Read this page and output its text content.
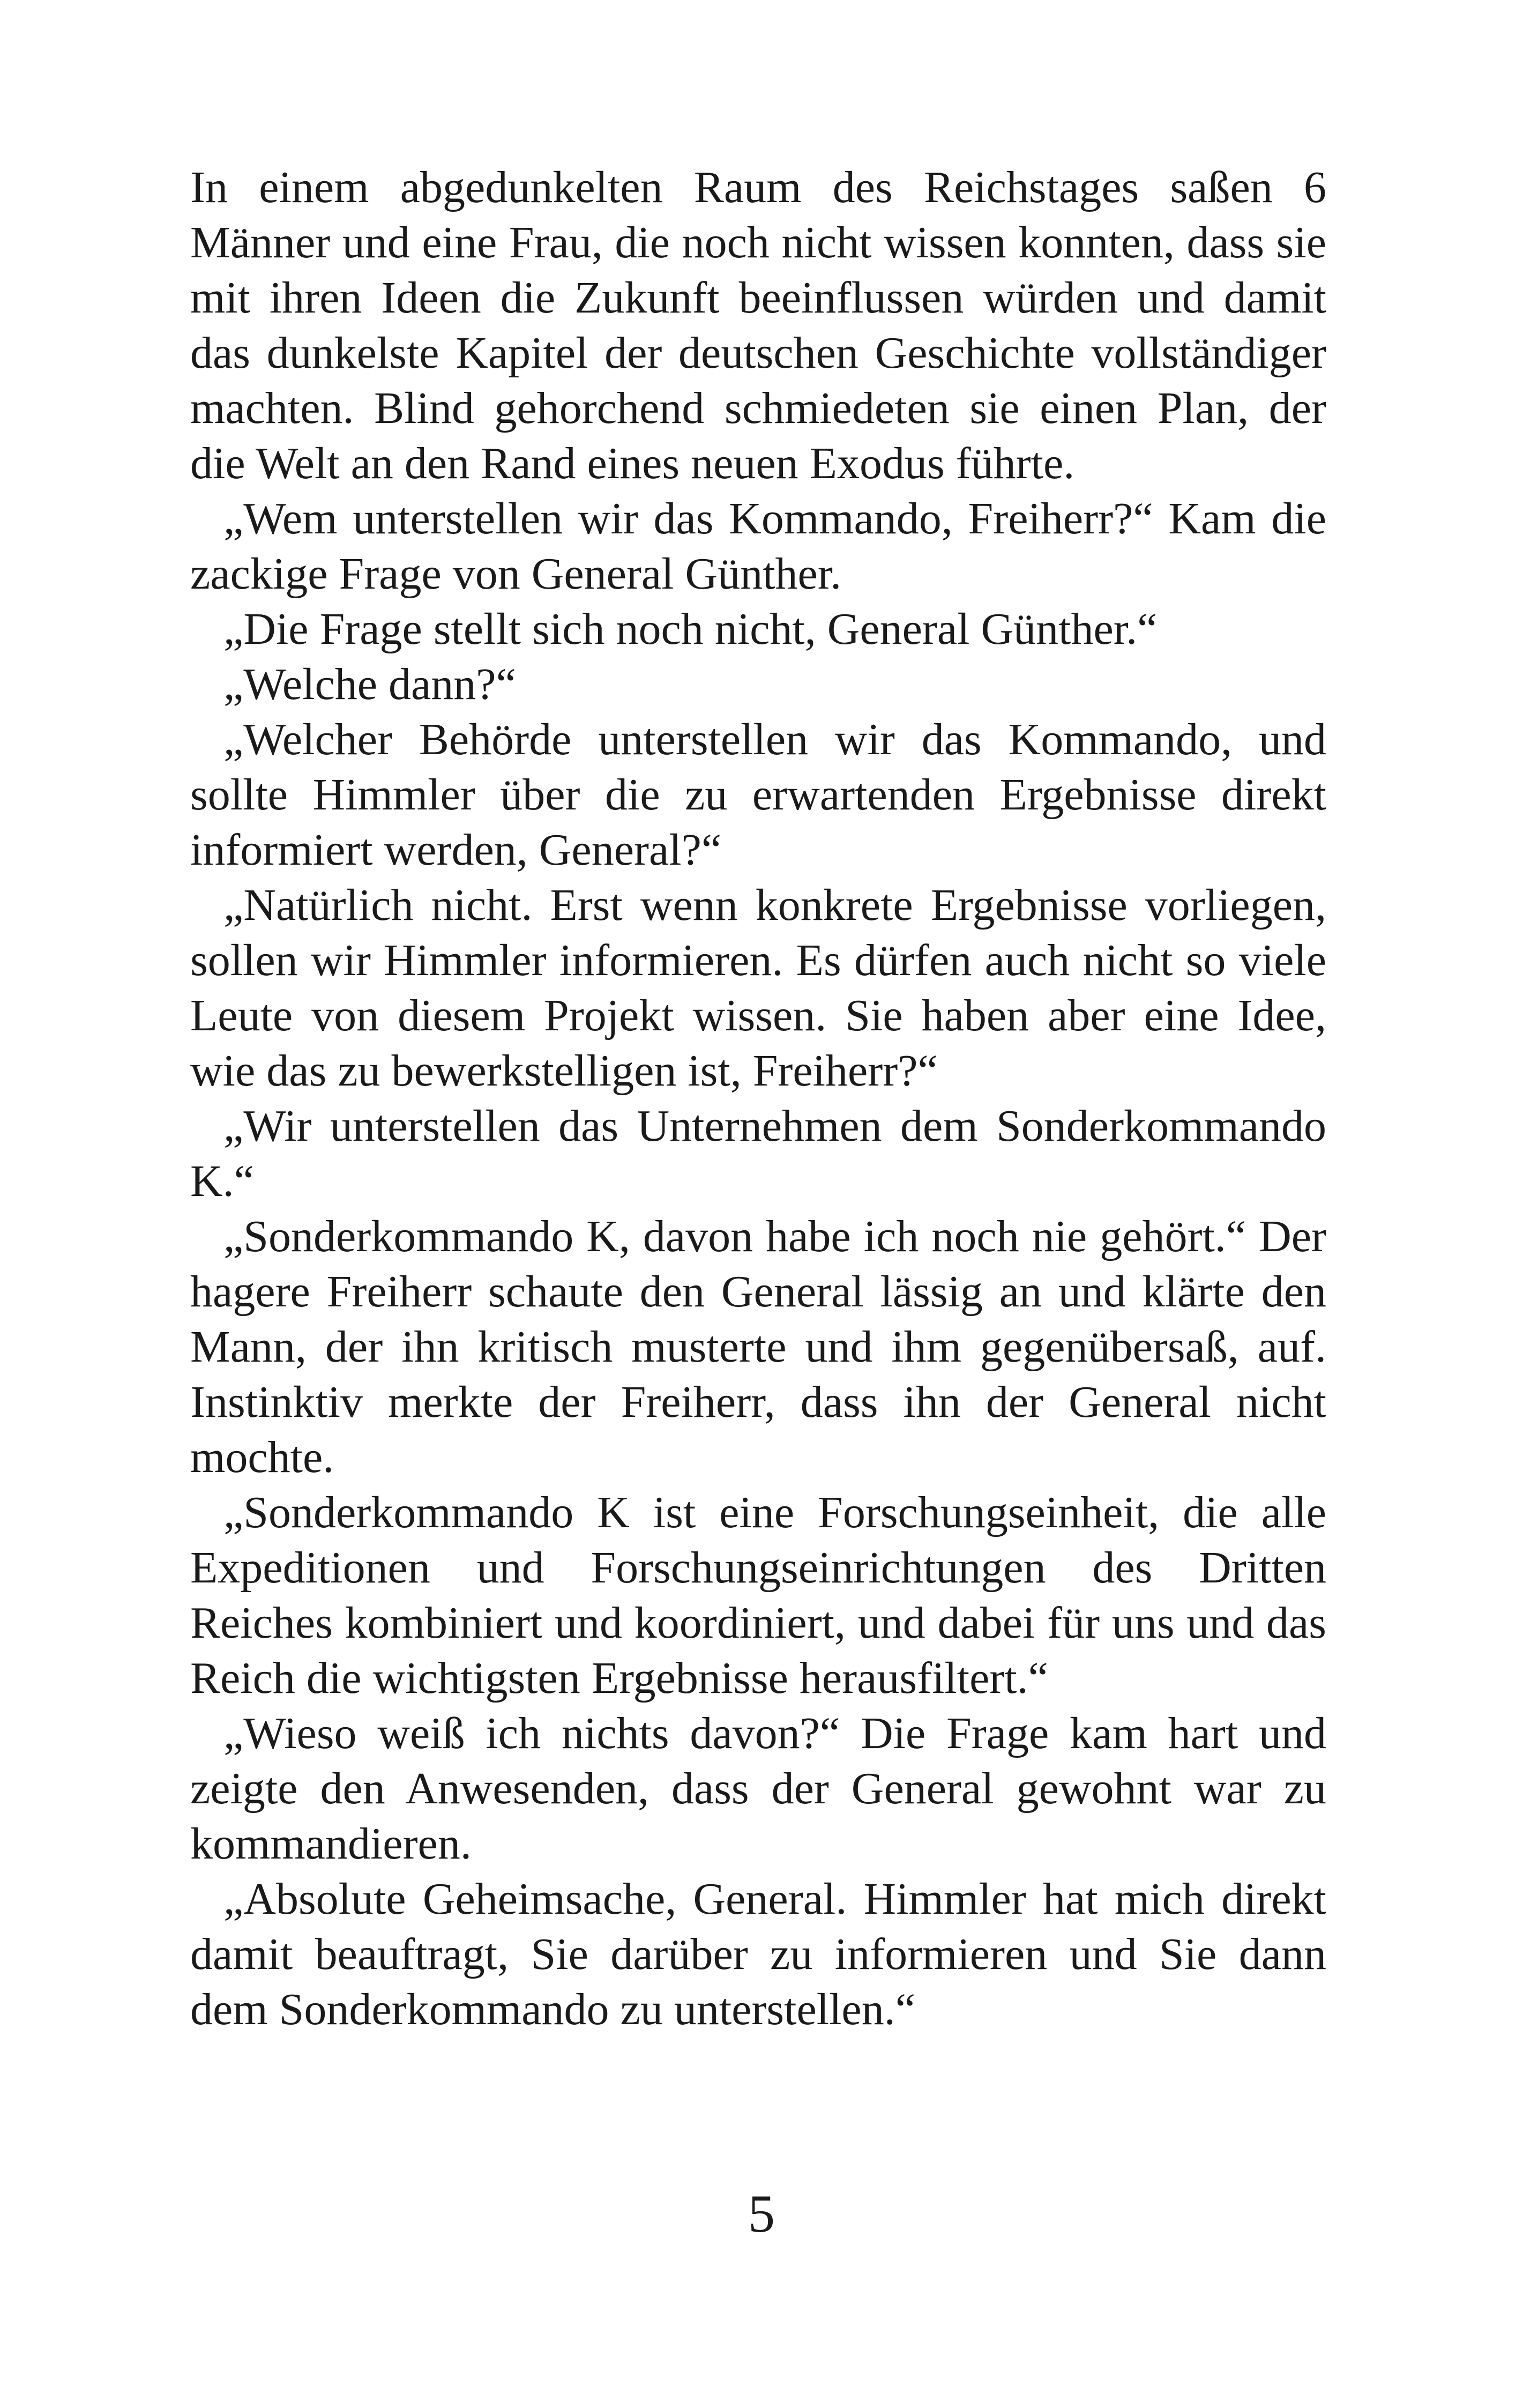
In einem abgedunkelten Raum des Reichstages saßen 6 Männer und eine Frau, die noch nicht wissen konnten, dass sie mit ihren Ideen die Zukunft beeinflussen würden und damit das dunkelste Kapitel der deutschen Geschichte vollständiger machten. Blind gehorchend schmiedeten sie einen Plan, der die Welt an den Rand eines neuen Exodus führte.

„Wem unterstellen wir das Kommando, Freiherr?“ Kam die zackige Frage von General Günther.

„Die Frage stellt sich noch nicht, General Günther.“

„Welche dann?“

„Welcher Behörde unterstellen wir das Kommando, und sollte Himmler über die zu erwartenden Ergebnisse direkt informiert werden, General?“

„Natürlich nicht. Erst wenn konkrete Ergebnisse vorliegen, sollen wir Himmler informieren. Es dürfen auch nicht so viele Leute von diesem Projekt wissen. Sie haben aber eine Idee, wie das zu bewerkstelligen ist, Freiherr?“

„Wir unterstellen das Unternehmen dem Sonderkommando K.“

„Sonderkommando K, davon habe ich noch nie gehört.“ Der hagere Freiherr schaute den General lässig an und klärte den Mann, der ihn kritisch musterte und ihm gegenübersaß, auf. Instinktiv merkte der Freiherr, dass ihn der General nicht mochte.

„Sonderkommando K ist eine Forschungseinheit, die alle Expeditionen und Forschungseinrichtungen des Dritten Reiches kombiniert und koordiniert, und dabei für uns und das Reich die wichtigsten Ergebnisse herausfiltert.“

„Wieso weiß ich nichts davon?“ Die Frage kam hart und zeigte den Anwesenden, dass der General gewohnt war zu kommandieren.

„Absolute Geheimsache, General. Himmler hat mich direkt damit beauftragt, Sie darüber zu informieren und Sie dann dem Sonderkommando zu unterstellen.“

5
